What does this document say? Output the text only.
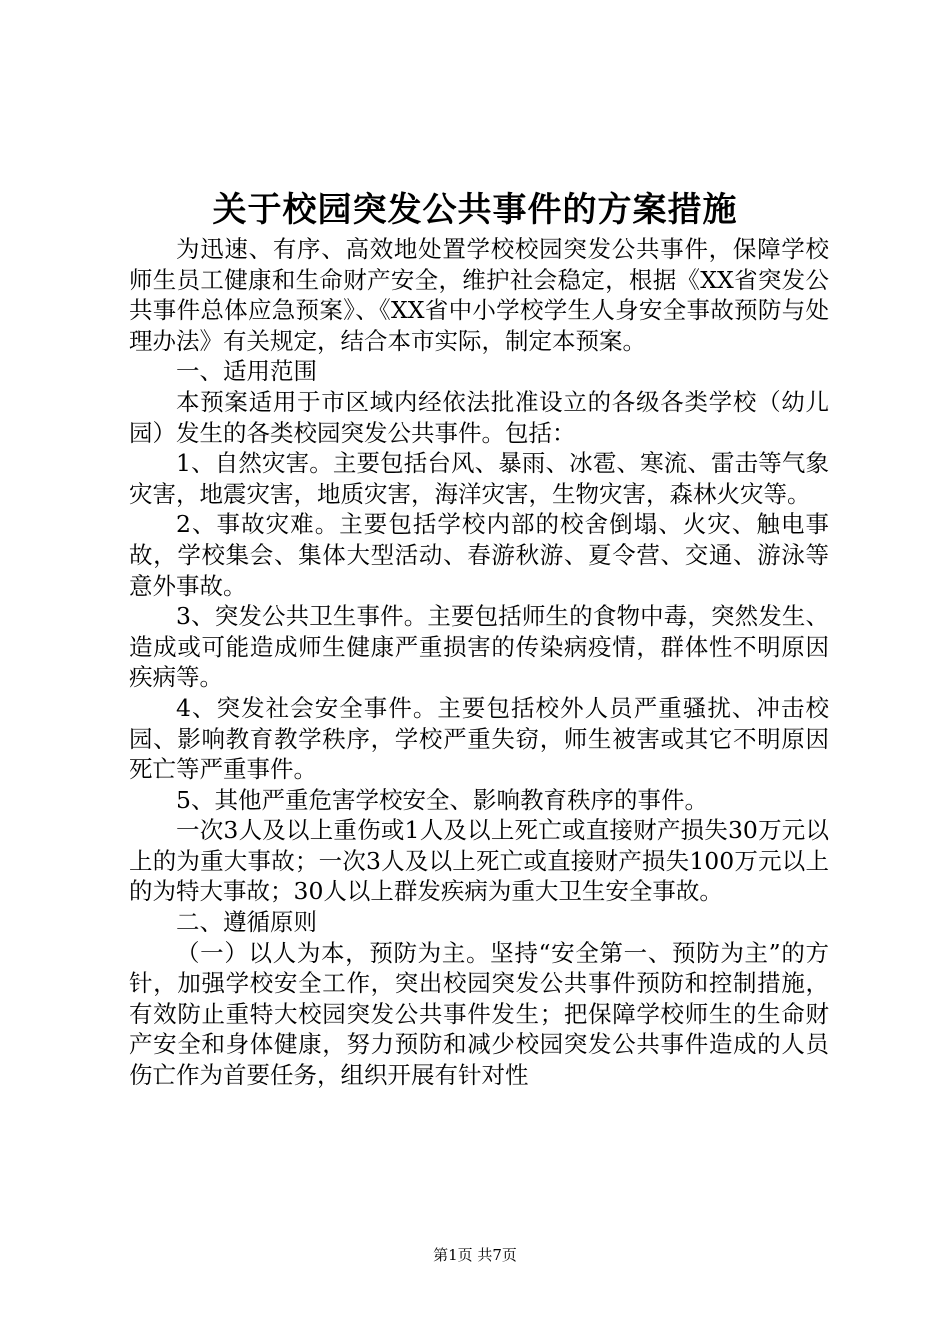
关于校园突发公共事件的方案措施

为迅速、有序、高效地处置学校校园突发公共事件，保障学校师生员工健康和生命财产安全，维护社会稳定，根据《XX省突发公共事件总体应急预案》、《XX省中小学校学生人身安全事故预防与处理办法》有关规定，结合本市实际，制定本预案。

一、适用范围

本预案适用于市区域内经依法批准设立的各级各类学校（幼儿园）发生的各类校园突发公共事件。包括：

1、自然灾害。主要包括台风、暴雨、冰雹、寒流、雷击等气象灾害，地震灾害，地质灾害，海洋灾害，生物灾害，森林火灾等。

2、事故灾难。主要包括学校内部的校舍倒塌、火灾、触电事故，学校集会、集体大型活动、春游秋游、夏令营、交通、游泳等意外事故。

3、突发公共卫生事件。主要包括师生的食物中毒，突然发生、造成或可能造成师生健康严重损害的传染病疫情，群体性不明原因疾病等。

4、突发社会安全事件。主要包括校外人员严重骚扰、冲击校园、影响教育教学秩序，学校严重失窃，师生被害或其它不明原因死亡等严重事件。

5、其他严重危害学校安全、影响教育秩序的事件。

一次3人及以上重伤或1人及以上死亡或直接财产损失30万元以上的为重大事故；一次3人及以上死亡或直接财产损失100万元以上的为特大事故；30人以上群发疾病为重大卫生安全事故。

二、遵循原则

（一）以人为本，预防为主。坚持“安全第一、预防为主”的方针，加强学校安全工作，突出校园突发公共事件预防和控制措施，有效防止重特大校园突发公共事件发生；把保障学校师生的生命财产安全和身体健康，努力预防和减少校园突发公共事件造成的人员伤亡作为首要任务，组织开展有针对性

第1页 共7页
